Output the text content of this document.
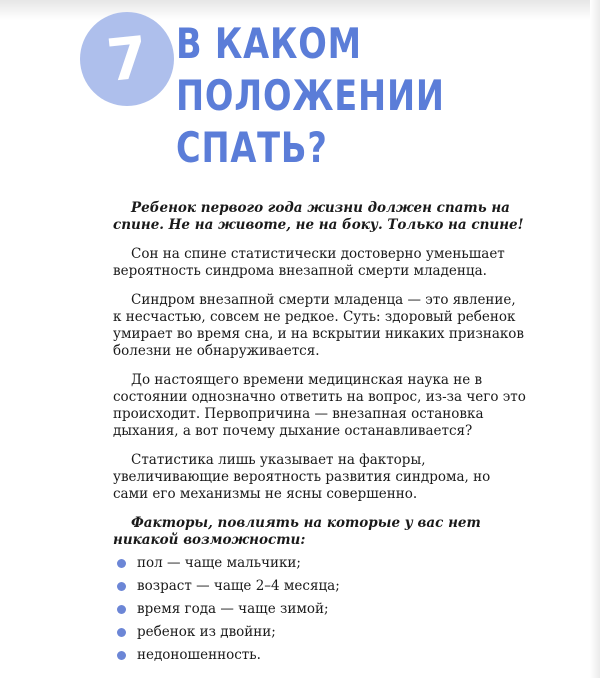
7 В КАКОМ
ПОЛОЖЕНИИ
СПАТЬ?

Ребенок первого года жизни должен спать на спине. Не на животе, не на боку. Только на спине!

Сон на спине статистически достоверно уменьшает вероятность синдрома внезапной смерти младенца.

Синдром внезапной смерти младенца — это явление, к несчастью, совсем не редкое. Суть: здоровый ребенок умирает во время сна, и на вскрытии никаких признаков болезни не обнаруживается.

До настоящего времени медицинская наука не в состоянии однозначно ответить на вопрос, из-за чего это происходит. Первопричина — внезапная остановка дыхания, а вот почему дыхание останавливается?

Статистика лишь указывает на факторы, увеличивающие вероятность развития синдрома, но сами его механизмы не ясны совершенно.

Факторы, повлиять на которые у вас нет никакой возможности:

пол — чаще мальчики;
возраст — чаще 2–4 месяца;
время года — чаще зимой;
ребенок из двойни;
недоношенность.
